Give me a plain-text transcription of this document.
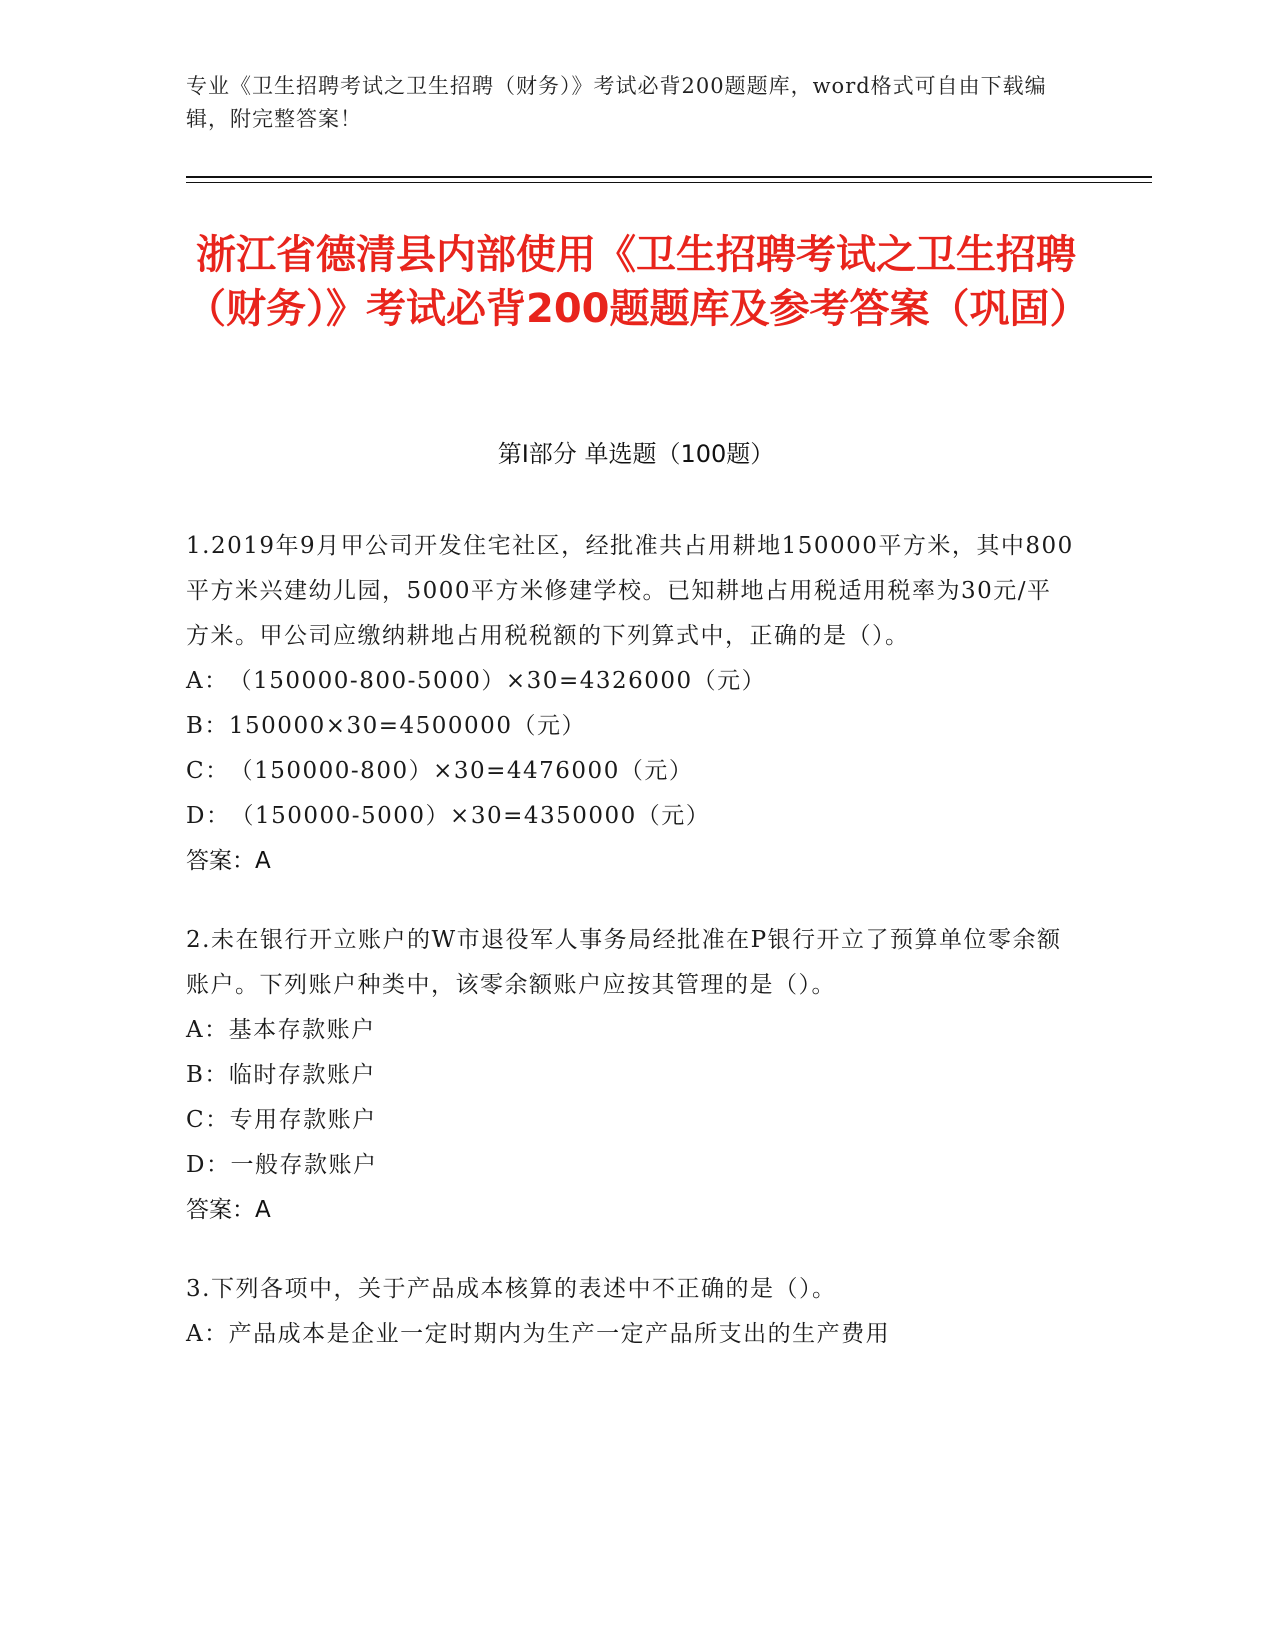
专业《卫生招聘考试之卫生招聘（财务）》考试必背200题题库，word格式可自由下载编辑，附完整答案！
浙江省德清县内部使用《卫生招聘考试之卫生招聘（财务）》考试必背200题题库及参考答案（巩固）
第I部分 单选题（100题）

1.2019年9月甲公司开发住宅社区，经批准共占用耕地150000平方米，其中800平方米兴建幼儿园，5000平方米修建学校。已知耕地占用税适用税率为30元/平方米。甲公司应缴纳耕地占用税税额的下列算式中，正确的是（）。

A：（150000-800-5000）×30=4326000（元）

B：150000×30=4500000（元）

C：（150000-800）×30=4476000（元）

D：（150000-5000）×30=4350000（元）

答案：A

2.未在银行开立账户的W市退役军人事务局经批准在P银行开立了预算单位零余额账户。下列账户种类中，该零余额账户应按其管理的是（）。

A：基本存款账户

B：临时存款账户

C：专用存款账户

D：一般存款账户

答案：A

3.下列各项中，关于产品成本核算的表述中不正确的是（）。

A：产品成本是企业一定时期内为生产一定产品所支出的生产费用
